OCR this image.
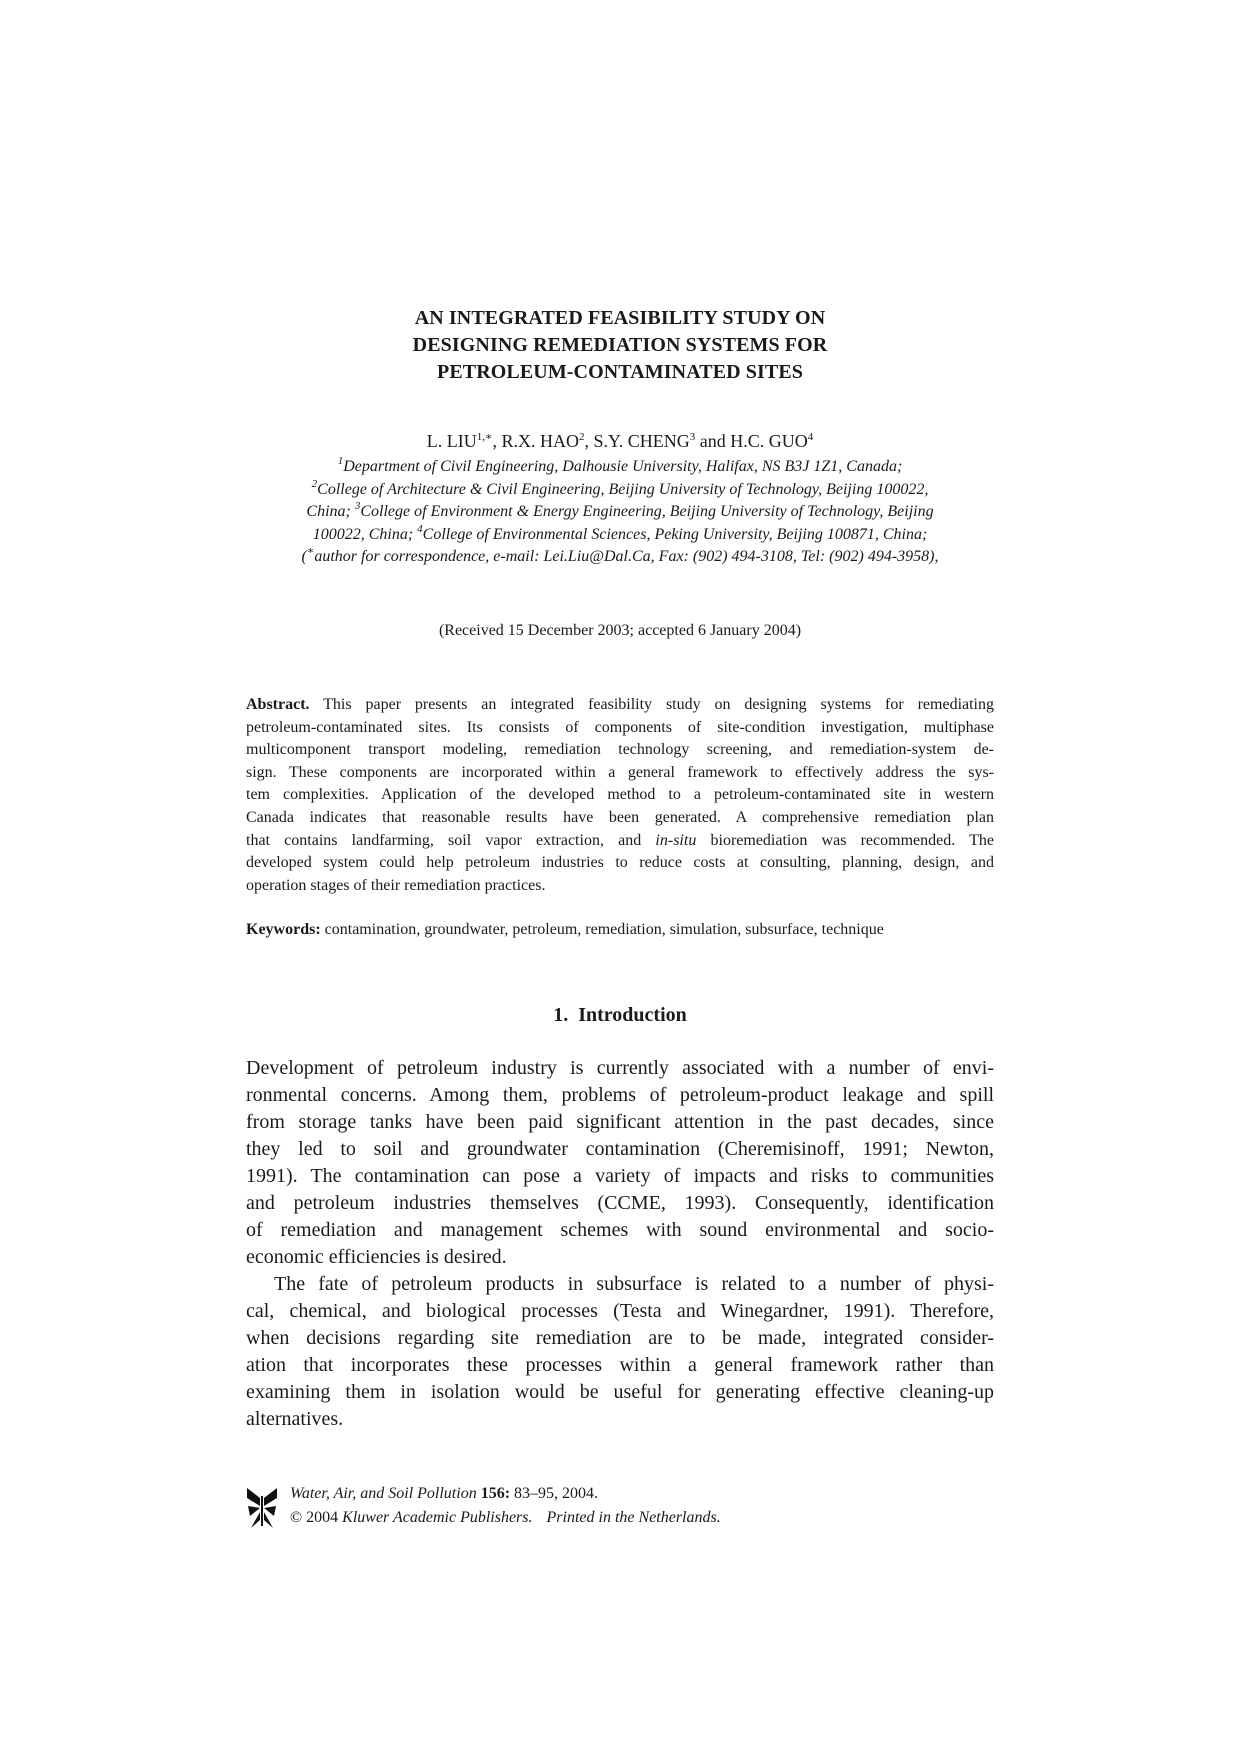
AN INTEGRATED FEASIBILITY STUDY ON
DESIGNING REMEDIATION SYSTEMS FOR
PETROLEUM-CONTAMINATED SITES
L. $LIU^{1,∗}$, R.X. HAO$^2$, S.Y. CHENG$^3$ and H.C. GUO$^4$
$^1$Department of Civil Engineering, Dalhousie University, Halifax, NS B3J 1Z1, Canada;
$^2$College of Architecture & Civil Engineering, Beijing University of Technology, Beijing 100022,
China; $^3$College of Environment & Energy Engineering, Beijing University of Technology, Beijing
100022, China; $^4$College of Environmental Sciences, Peking University, Beijing 100871, China;
(∗author for correspondence, e-mail: Lei.Liu@Dal.Ca, Fax: (902) 494-3108, Tel: (902) 494-3958),
(Received 15 December 2003; accepted 6 January 2004)
Abstract. This paper presents an integrated feasibility study on designing systems for remediating
petroleum-contaminated sites. Its consists of components of site-condition investigation, multiphase
multicomponent transport modeling, remediation technology screening, and remediation-system de-
sign. These components are incorporated within a general framework to effectively address the sys-
tem complexities. Application of the developed method to a petroleum-contaminated site in western
Canada indicates that reasonable results have been generated. A comprehensive remediation plan
that contains landfarming, soil vapor extraction, and in-situ bioremediation was recommended. The
developed system could help petroleum industries to reduce costs at consulting, planning, design, and
operation stages of their remediation practices.
Keywords: contamination, groundwater, petroleum, remediation, simulation, subsurface, technique
1. Introduction
Development of petroleum industry is currently associated with a number of envi-
ronmental concerns. Among them, problems of petroleum-product leakage and spill
from storage tanks have been paid significant attention in the past decades, since
they led to soil and groundwater contamination (Cheremisinoff, 1991; Newton,
1991). The contamination can pose a variety of impacts and risks to communities
and petroleum industries themselves (CCME, 1993). Consequently, identification
of remediation and management schemes with sound environmental and socio-
economic efficiencies is desired.
The fate of petroleum products in subsurface is related to a number of physi-
cal, chemical, and biological processes (Testa and Winegardner, 1991). Therefore,
when decisions regarding site remediation are to be made, integrated consider-
ation that incorporates these processes within a general framework rather than
examining them in isolation would be useful for generating effective cleaning-up
alternatives.
Water, Air, and Soil Pollution 156: 83–95, 2004.
© 2004 Kluwer Academic Publishers. Printed in the Netherlands.
